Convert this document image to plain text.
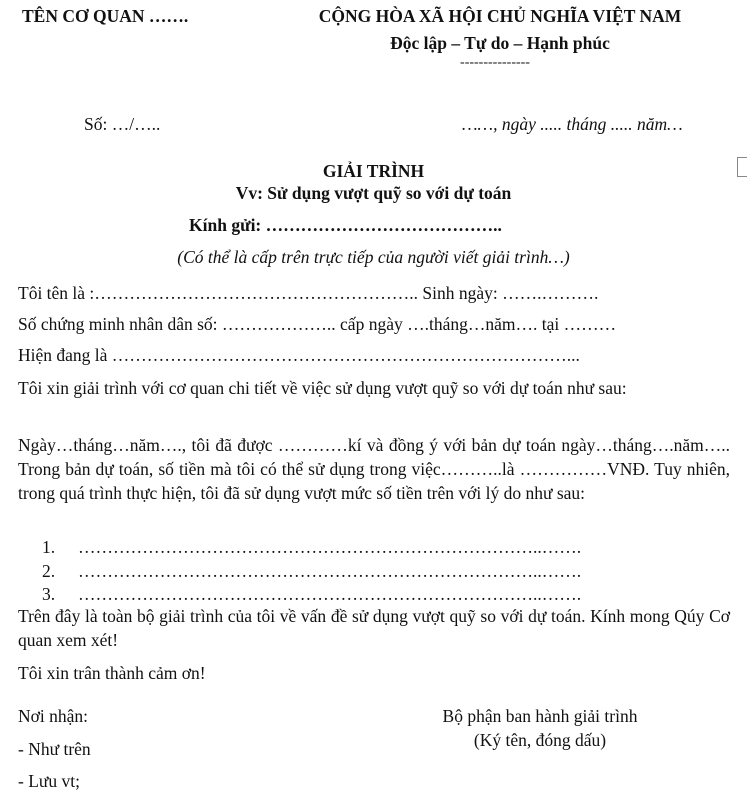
TÊN CƠ QUAN …….	CỘNG HÒA XÃ HỘI CHỦ NGHĨA VIỆT NAM
Độc lập – Tự do – Hạnh phúc
---------------
Số: …/…..	……, ngày ..... tháng ..... năm…
GIẢI TRÌNH
Vv: Sử dụng vượt quỹ so với dự toán
Kính gửi: …………………………………..
(Có thể là cấp trên trực tiếp của người viết giải trình…)
Tôi tên là :……………………………………………….. Sinh ngày: …….……….
Số chứng minh nhân dân số: ……………….. cấp ngày ….tháng…năm…. tại ………
Hiện đang là ……………………………………………………………………...
Tôi xin giải trình với cơ quan chi tiết về việc sử dụng vượt quỹ so với dự toán như sau:
Ngày…tháng…năm…., tôi đã được …………kí và đồng ý với bản dự toán ngày…tháng….năm….. Trong bản dự toán, số tiền mà tôi có thể sử dụng trong việc………..là ……………VNĐ. Tuy nhiên, trong quá trình thực hiện, tôi đã sử dụng vượt mức số tiền trên với lý do như sau:
1. ……………………………………………………………………..…….
2. ……………………………………………………………………..…….
3. ……………………………………………………………………..…….
Trên đây là toàn bộ giải trình của tôi về vấn đề sử dụng vượt quỹ so với dự toán. Kính mong Qúy Cơ quan xem xét!
Tôi xin trân thành cảm ơn!
Nơi nhận:
- Như trên
- Lưu vt;
Bộ phận ban hành giải trình
(Ký tên, đóng dấu)
